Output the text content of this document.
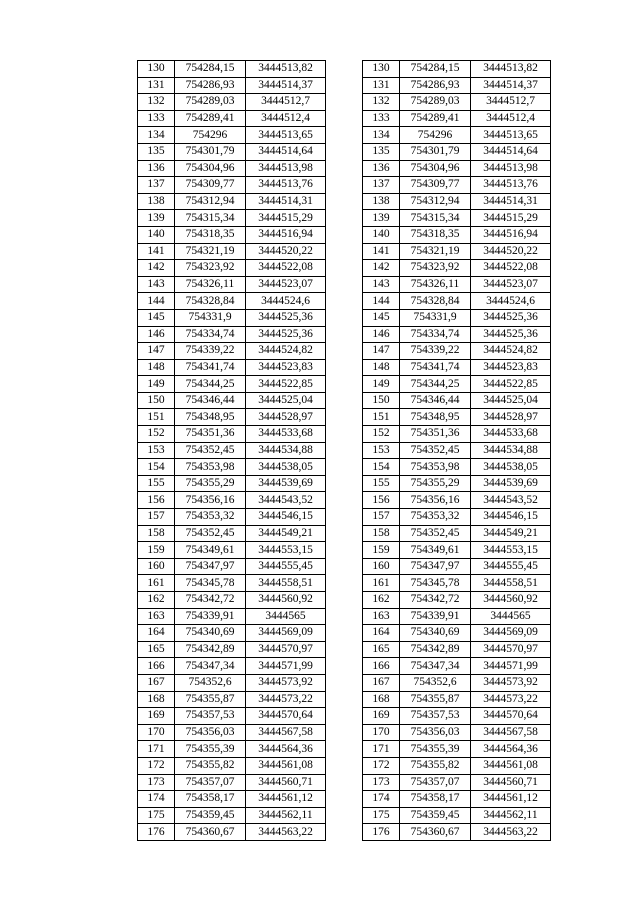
130	754284,15	3444513,82
131	754286,93	3444514,37
132	754289,03	3444512,7
133	754289,41	3444512,4
134	754296	3444513,65
135	754301,79	3444514,64
136	754304,96	3444513,98
137	754309,77	3444513,76
138	754312,94	3444514,31
139	754315,34	3444515,29
140	754318,35	3444516,94
141	754321,19	3444520,22
142	754323,92	3444522,08
143	754326,11	3444523,07
144	754328,84	3444524,6
145	754331,9	3444525,36
146	754334,74	3444525,36
147	754339,22	3444524,82
148	754341,74	3444523,83
149	754344,25	3444522,85
150	754346,44	3444525,04
151	754348,95	3444528,97
152	754351,36	3444533,68
153	754352,45	3444534,88
154	754353,98	3444538,05
155	754355,29	3444539,69
156	754356,16	3444543,52
157	754353,32	3444546,15
158	754352,45	3444549,21
159	754349,61	3444553,15
160	754347,97	3444555,45
161	754345,78	3444558,51
162	754342,72	3444560,92
163	754339,91	3444565
164	754340,69	3444569,09
165	754342,89	3444570,97
166	754347,34	3444571,99
167	754352,6	3444573,92
168	754355,87	3444573,22
169	754357,53	3444570,64
170	754356,03	3444567,58
171	754355,39	3444564,36
172	754355,82	3444561,08
173	754357,07	3444560,71
174	754358,17	3444561,12
175	754359,45	3444562,11
176	754360,67	3444563,22
130	754284,15	3444513,82
131	754286,93	3444514,37
132	754289,03	3444512,7
133	754289,41	3444512,4
134	754296	3444513,65
135	754301,79	3444514,64
136	754304,96	3444513,98
137	754309,77	3444513,76
138	754312,94	3444514,31
139	754315,34	3444515,29
140	754318,35	3444516,94
141	754321,19	3444520,22
142	754323,92	3444522,08
143	754326,11	3444523,07
144	754328,84	3444524,6
145	754331,9	3444525,36
146	754334,74	3444525,36
147	754339,22	3444524,82
148	754341,74	3444523,83
149	754344,25	3444522,85
150	754346,44	3444525,04
151	754348,95	3444528,97
152	754351,36	3444533,68
153	754352,45	3444534,88
154	754353,98	3444538,05
155	754355,29	3444539,69
156	754356,16	3444543,52
157	754353,32	3444546,15
158	754352,45	3444549,21
159	754349,61	3444553,15
160	754347,97	3444555,45
161	754345,78	3444558,51
162	754342,72	3444560,92
163	754339,91	3444565
164	754340,69	3444569,09
165	754342,89	3444570,97
166	754347,34	3444571,99
167	754352,6	3444573,92
168	754355,87	3444573,22
169	754357,53	3444570,64
170	754356,03	3444567,58
171	754355,39	3444564,36
172	754355,82	3444561,08
173	754357,07	3444560,71
174	754358,17	3444561,12
175	754359,45	3444562,11
176	754360,67	3444563,22
